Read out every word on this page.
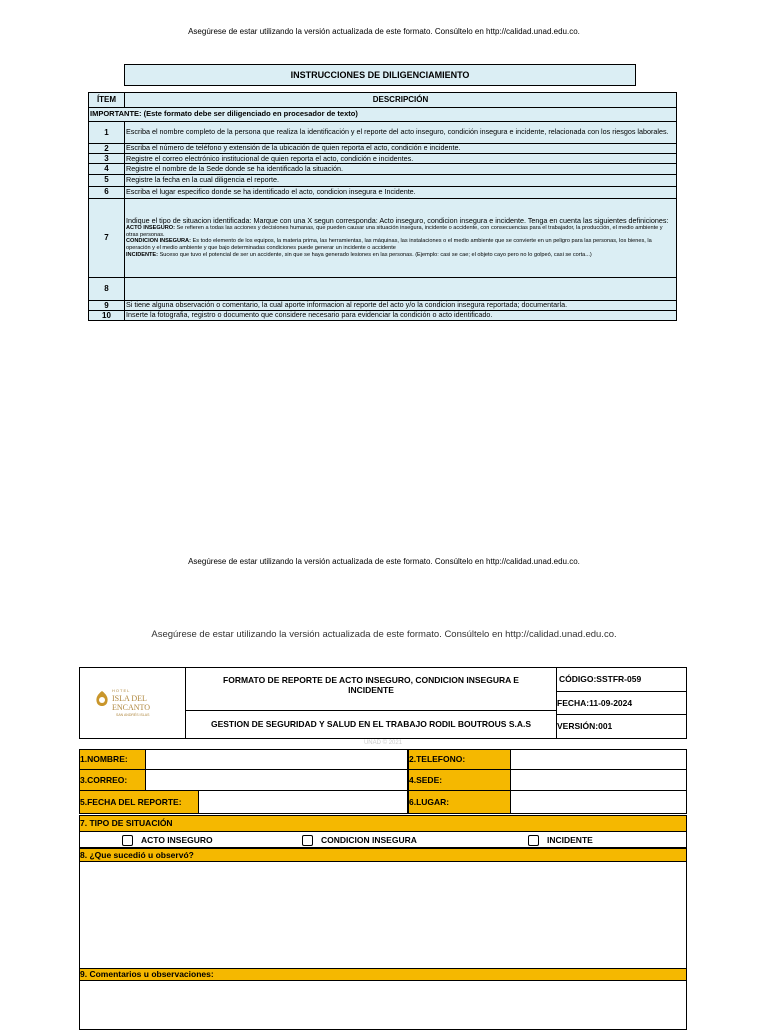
Asegúrese de estar utilizando la versión actualizada de este formato. Consúltelo en http://calidad.unad.edu.co.
INSTRUCCIONES DE DILIGENCIAMIENTO
ÍTEM	DESCRIPCIÓN
IMPORTANTE: (Este formato debe ser diligenciado en procesador de texto)	
1	Escriba el nombre completo de la persona que realiza la identificación y el reporte del acto inseguro, condición insegura e incidente, relacionada con los riesgos laborales.
2	Escriba el número de teléfono y extensión de la ubicación de quien reporta el acto, condición e incidente.
3	Registre el correo electrónico institucional de quien reporta el acto, condición e incidentes.
4	Registre el nombre de la Sede donde se ha identificado la situación.
5	Registre la fecha en la cual diligencia el reporte.
6	Escriba el lugar especifico donde se ha identificado el acto, condicion insegura e Incidente.
7	Indique el tipo de situacion identificada: Marque con una X segun corresponda: Acto inseguro, condicion insegura e incidente. Tenga en cuenta las siguientes definiciones:
ACTO INSEGURO: Se refieren a todas las acciones y decisiones humanas, que pueden causar una situación insegura, incidente o accidente, con consecuencias para el trabajador, la producción, el medio ambiente y otras personas.
CONDICION INSEGURA: Es todo elemento de los equipos, la materia prima, las herramientas, las máquinas, las instalaciones o el medio ambiente que se convierte en un peligro para las personas, los bienes, la operación y el medio ambiente y que bajo determinadas condiciones puede generar un incidente o accidente
INCIDENTE: Suceso que tuvo el potencial de ser un accidente, sin que se haya generado lesiones en las personas. (Ejemplo: casi se cae; el objeto cayo pero no lo golpeó, casi se corta...)

8	
9	Si tiene alguna observación o comentario, la cual aporte informacion al reporte del acto y/o la condicion insegura reportada; documentarla.
10	Inserte la fotografia, registro o documento que considere necesario para evidenciar la condición o acto identificado.
Asegúrese de estar utilizando la versión actualizada de este formato. Consúltelo en http://calidad.unad.edu.co.
Asegúrese de estar utilizando la versión actualizada de este formato. Consúltelo en http://calidad.unad.edu.co.
HOTEL
ISLA DEL ENCANTO
SAN ANDRÉS ISLAS
FORMATO DE REPORTE DE ACTO INSEGURO, CONDICION INSEGURA E INCIDENTE
GESTION DE SEGURIDAD Y SALUD EN EL TRABAJO RODIL BOUTROUS S.A.S
CÓDIGO:SSTFR-059
FECHA:11-09-2024
VERSIÓN:001
UNAD © 2021
1.NOMBRE:	2.TELEFONO:
3.CORREO:	4.SEDE:
5.FECHA DEL REPORTE:	6.LUGAR:
7. TIPO DE SITUACIÓN
ACTO INSEGURO	CONDICION INSEGURA	INCIDENTE
8. ¿Que sucedió u observó?
9. Comentarios u observaciones:
